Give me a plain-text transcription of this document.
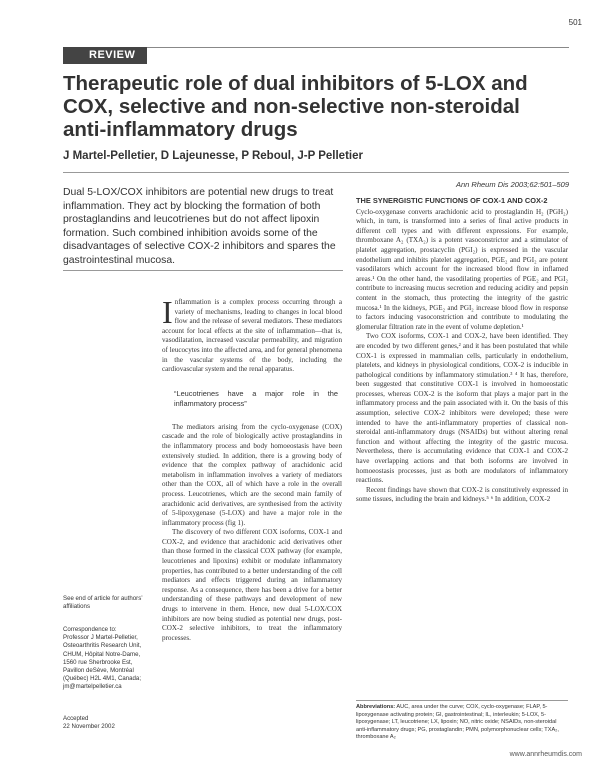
501
REVIEW
Therapeutic role of dual inhibitors of 5-LOX and COX, selective and non-selective non-steroidal anti-inflammatory drugs
J Martel-Pelletier, D Lajeunesse, P Reboul, J-P Pelletier
Ann Rheum Dis 2003;62:501–509
Dual 5-LOX/COX inhibitors are potential new drugs to treat inflammation. They act by blocking the formation of both prostaglandins and leucotrienes but do not affect lipoxin formation. Such combined inhibition avoids some of the disadvantages of selective COX-2 inhibitors and spares the gastrointestinal mucosa.

Inflammation is a complex process occurring through a variety of mechanisms, leading to changes in local blood flow and the release of several mediators. These mediators account for local effects at the site of inflammation—that is, vasodilatation, increased vascular permeability, and migration of leucocytes into the affected area, and for general phenomena in the vascular systems of the body, including the cardiovascular system and the renal apparatus.

“Leucotrienes have a major role in the inflammatory process”

The mediators arising from the cyclo-oxygenase (COX) cascade and the role of biologically active prostaglandins in the inflammatory process and body homoeostasis have been extensively studied. In addition, there is a growing body of evidence that the complex pathway of arachidonic acid metabolism in inflammation involves a variety of mediators other than the COX, all of which have a role in the overall process. Leucotrienes, which are the second main family of arachidonic acid derivatives, are synthesised from the activity of 5-lipoxygenase (5-LOX) and have a major role in the inflammatory process (fig 1).

The discovery of two different COX isoforms, COX-1 and COX-2, and evidence that arachidonic acid derivatives other than those formed in the classical COX pathway (for example, leucotrienes and lipoxins) exhibit or modulate inflammatory properties, has contributed to a better understanding of the cell mediators and effects triggered during an inflammatory response. As a consequence, there has been a drive for a better understanding of these pathways and development of new drugs to intervene in them. Hence, new dual 5-LOX/COX inhibitors are now being studied as potential new drugs, post-COX-2 selective inhibitors, to treat the inflammatory processes.

THE SYNERGISTIC FUNCTIONS OF COX-1 AND COX-2

Cyclo-oxygenase converts arachidonic acid to prostaglandin H₂ (PGH₂) which, in turn, is transformed into a series of final active products in different cell types and with different expressions. For example, thromboxane A₂ (TXA₂) is a potent vasoconstrictor and a stimulator of platelet aggregation, prostacyclin (PGI₂) is expressed in the vascular endothelium and inhibits platelet aggregation, PGE₂ and PGI₂ are potent vasodilators which account for the increased blood flow in inflamed areas.¹ On the other hand, the vasodilating properties of PGE₂ and PGI₂ contribute to increasing mucus secretion and reducing acidity and pepsin content in the stomach, thus protecting the integrity of the gastric mucosa.¹ In the kidneys, PGE₂ and PGI₂ increase blood flow in response to factors inducing vasoconstriction and contribute to modulating the glomerular filtration rate in the event of volume depletion.¹

Two COX isoforms, COX-1 and COX-2, have been identified. They are encoded by two different genes,² and it has been postulated that while COX-1 is expressed in mammalian cells, particularly in endothelium, platelets, and kidneys in physiological conditions, COX-2 is inducible in pathological conditions by inflammatory stimulation.³ ⁴ It has, therefore, been suggested that constitutive COX-1 is involved in homoeostatic processes, whereas COX-2 is the isoform that plays a major part in the inflammatory process and the pain associated with it. On the basis of this assumption, selective COX-2 inhibitors were developed; these were intended to have the anti-inflammatory properties of classical non-steroidal anti-inflammatory drugs (NSAIDs) but without altering renal function and without affecting the integrity of the gastric mucosa. Nevertheless, there is accumulating evidence that COX-1 and COX-2 have overlapping actions and that both isoforms are involved in homoeostasis processes, just as both are modulators of inflammatory reactions.

Recent findings have shown that COX-2 is constitutively expressed in some tissues, including the brain and kidneys.⁵ ⁶ In addition, COX-2

See end of article for authors’ affiliations
Correspondence to:
Professor J Martel-Pelletier, Osteoarthritis Research Unit, CHUM, Hôpital Notre-Dame, 1560 rue Sherbrooke Est, Pavillon deSève, Montréal (Québec) H2L 4M1, Canada; jm@martelpelletier.ca
Accepted
22 November 2002
Abbreviations: AUC, area under the curve; COX, cyclo-oxygenase; FLAP, 5-lipoxygenase activating protein; GI, gastrointestinal; IL, interleukin; 5-LOX, 5-lipoxygenase; LT, leucotriene; LX, lipoxin; NO, nitric oxide; NSAIDs, non-steroidal anti-inflammatory drugs; PG, prostaglandin; PMN, polymorphonuclear cells; TXA₂, thromboxane A₂
www.annrheumdis.com
